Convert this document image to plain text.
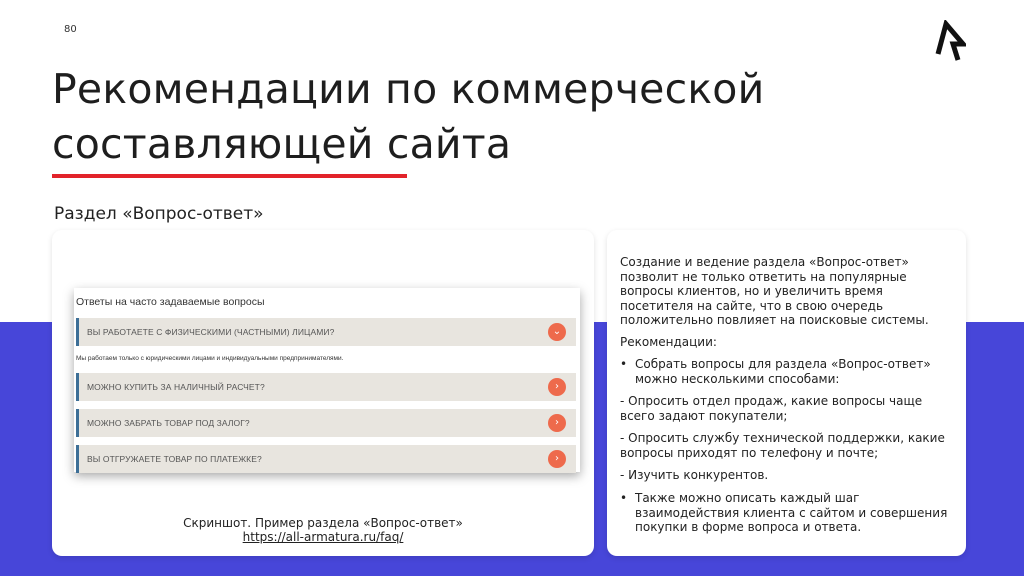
80
Рекомендации по коммерческой составляющей сайта
Раздел «Вопрос-ответ»
Ответы на часто задаваемые вопросы
ВЫ РАБОТАЕТЕ С ФИЗИЧЕСКИМИ (ЧАСТНЫМИ) ЛИЦАМИ?	⌄
Мы работаем только с юридическими лицами и индивидуальными предпринимателями.
МОЖНО КУПИТЬ ЗА НАЛИЧНЫЙ РАСЧЕТ?	›
МОЖНО ЗАБРАТЬ ТОВАР ПОД ЗАЛОГ?	›
ВЫ ОТГРУЖАЕТЕ ТОВАР ПО ПЛАТЕЖКЕ?	›
Скриншот. Пример раздела «Вопрос-ответ»
https://all-armatura.ru/faq/
Создание и ведение раздела «Вопрос-ответ» позволит не только ответить на популярные вопросы клиентов, но и увеличить время посетителя на сайте, что в свою очередь положительно повлияет на поисковые системы.
Рекомендации:
• Собрать вопросы для раздела «Вопрос-ответ» можно несколькими способами:
- Опросить отдел продаж, какие вопросы чаще всего задают покупатели;
- Опросить службу технической поддержки, какие вопросы приходят по телефону и почте;
- Изучить конкурентов.
• Также можно описать каждый шаг взаимодействия клиента с сайтом и совершения покупки в форме вопроса и ответа.
